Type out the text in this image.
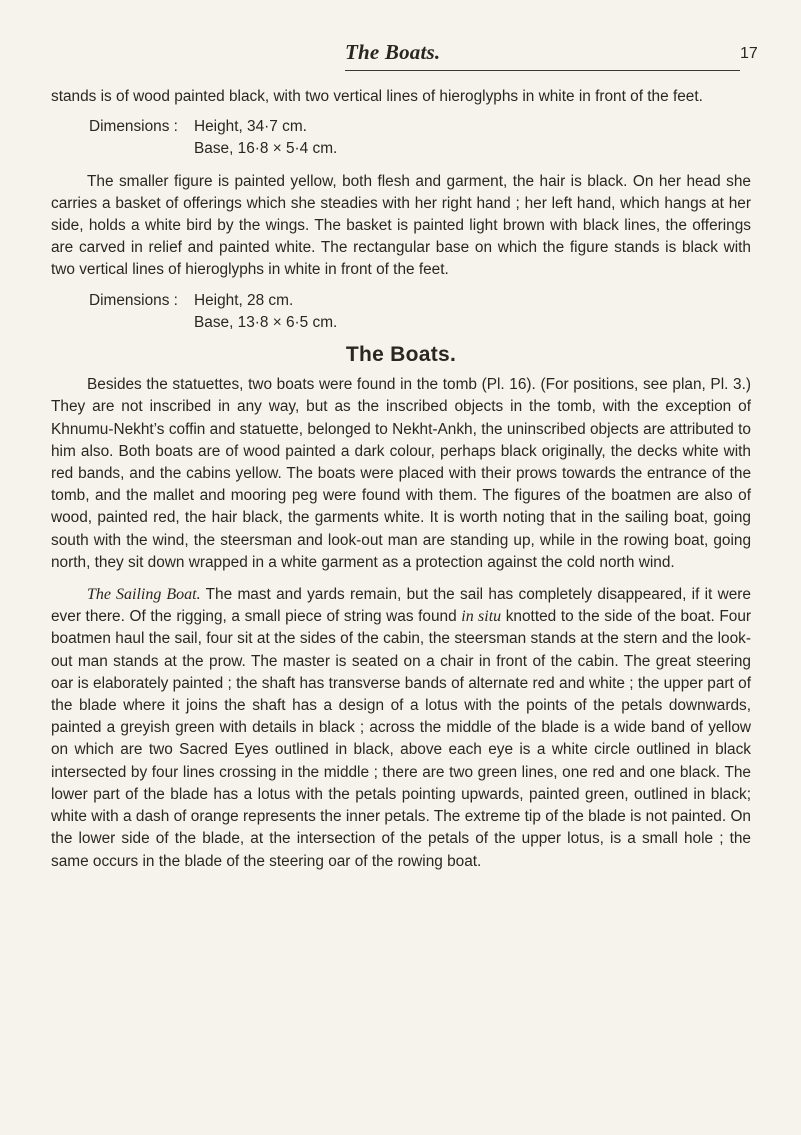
The Boats.	17

stands is of wood painted black, with two vertical lines of hieroglyphs in white in front of the feet.

Dimensions :	Height, 34·7 cm.
Base, 16·8 × 5·4 cm.

The smaller figure is painted yellow, both flesh and garment, the hair is black. On her head she carries a basket of offerings which she steadies with her right hand ; her left hand, which hangs at her side, holds a white bird by the wings. The basket is painted light brown with black lines, the offerings are carved in relief and painted white. The rectangular base on which the figure stands is black with two vertical lines of hieroglyphs in white in front of the feet.

Dimensions :	Height, 28 cm.
Base, 13·8 × 6·5 cm.
The Boats.

Besides the statuettes, two boats were found in the tomb (Pl. 16). (For positions, see plan, Pl. 3.) They are not inscribed in any way, but as the inscribed objects in the tomb, with the exception of Khnumu-Nekht’s coffin and statuette, belonged to Nekht-Ankh, the uninscribed objects are attributed to him also. Both boats are of wood painted a dark colour, perhaps black originally, the decks white with red bands, and the cabins yellow. The boats were placed with their prows towards the entrance of the tomb, and the mallet and mooring peg were found with them. The figures of the boatmen are also of wood, painted red, the hair black, the garments white. It is worth noting that in the sailing boat, going south with the wind, the steersman and look-out man are standing up, while in the rowing boat, going north, they sit down wrapped in a white garment as a protection against the cold north wind.

The Sailing Boat. The mast and yards remain, but the sail has completely disappeared, if it were ever there. Of the rigging, a small piece of string was found in situ knotted to the side of the boat. Four boatmen haul the sail, four sit at the sides of the cabin, the steersman stands at the stern and the look-out man stands at the prow. The master is seated on a chair in front of the cabin. The great steering oar is elaborately painted ; the shaft has transverse bands of alternate red and white ; the upper part of the blade where it joins the shaft has a design of a lotus with the points of the petals downwards, painted a greyish green with details in black ; across the middle of the blade is a wide band of yellow on which are two Sacred Eyes outlined in black, above each eye is a white circle outlined in black intersected by four lines crossing in the middle ; there are two green lines, one red and one black. The lower part of the blade has a lotus with the petals pointing upwards, painted green, outlined in black; white with a dash of orange represents the inner petals. The extreme tip of the blade is not painted. On the lower side of the blade, at the intersection of the petals of the upper lotus, is a small hole ; the same occurs in the blade of the steering oar of the rowing boat.
